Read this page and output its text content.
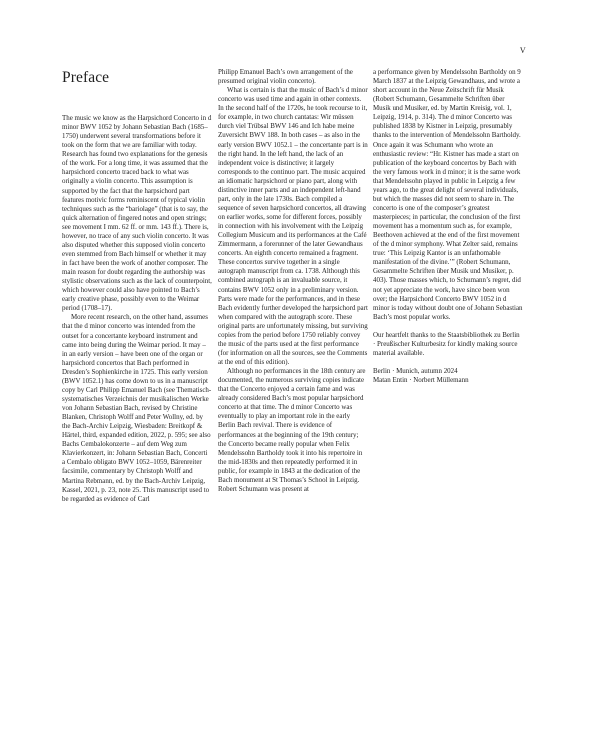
V
Preface

The music we know as the Harpsichord Concerto in d minor BWV 1052 by Johann Sebastian Bach (1685–1750) underwent several transformations before it took on the form that we are familiar with today. Research has found two explanations for the genesis of the work. For a long time, it was assumed that the harpsichord concerto traced back to what was originally a violin concerto. This assumption is supported by the fact that the harpsichord part features motivic forms reminiscent of typical violin techniques such as the “bariolage” (that is to say, the quick alternation of fingered notes and open strings; see movement I mm. 62 ff. or mm. 143 ff.). There is, however, no trace of any such violin concerto. It was also disputed whether this supposed violin concerto even stemmed from Bach himself or whether it may in fact have been the work of another composer. The main reason for doubt regarding the authorship was stylistic observations such as the lack of counterpoint, which however could also have pointed to Bach’s early creative phase, possibly even to the Weimar period (1708–17).

More recent research, on the other hand, assumes that the d minor concerto was intended from the outset for a concertante keyboard instrument and came into being during the Weimar period. It may – in an early version – have been one of the organ or harpsichord concertos that Bach performed in Dresden’s Sophienkirche in 1725. This early version (BWV 1052.1) has come down to us in a manuscript copy by Carl Philipp Emanuel Bach (see Thematisch-systematisches Verzeichnis der musikalischen Werke von Johann Sebastian Bach, revised by Christine Blanken, Christoph Wolff and Peter Wollny, ed. by the Bach-Archiv Leipzig, Wiesbaden: Breitkopf & Härtel, third, expanded edition, 2022, p. 595; see also Bachs Cembalokonzerte – auf dem Weg zum Klavierkonzert, in: Johann Sebastian Bach, Concerti a Cembalo obligato BWV 1052–1059, Bärenreiter facsimile, commentary by Christoph Wolff and Martina Rebmann, ed. by the Bach-Archiv Leipzig, Kassel, 2021, p. 23, note 25. This manuscript used to be regarded as evidence of Carl

Philipp Emanuel Bach’s own arrangement of the presumed original violin concerto).

What is certain is that the music of Bach’s d minor concerto was used time and again in other contexts. In the second half of the 1720s, he took recourse to it, for example, in two church cantatas: Wir müssen durch viel Trübsal BWV 146 and Ich habe meine Zuversicht BWV 188. In both cases – as also in the early version BWV 1052.1 – the concertante part is in the right hand. In the left hand, the lack of an independent voice is distinctive; it largely corresponds to the continuo part. The music acquired an idiomatic harpsichord or piano part, along with distinctive inner parts and an independent left-hand part, only in the late 1730s. Bach compiled a sequence of seven harpsichord concertos, all drawing on earlier works, some for different forces, possibly in connection with his involvement with the Leipzig Collegium Musicum and its performances at the Café Zimmermann, a forerunner of the later Gewandhaus concerts. An eighth concerto remained a fragment. These concertos survive together in a single autograph manuscript from ca. 1738. Although this combined autograph is an invaluable source, it contains BWV 1052 only in a preliminary version. Parts were made for the performances, and in these Bach evidently further developed the harpsichord part when compared with the autograph score. These original parts are unfortunately missing, but surviving copies from the period before 1750 reliably convey the music of the parts used at the first performance (for information on all the sources, see the Comments at the end of this edition).

Although no performances in the 18th century are documented, the numerous surviving copies indicate that the Concerto enjoyed a certain fame and was already considered Bach’s most popular harpsichord concerto at that time. The d minor Concerto was eventually to play an important role in the early Berlin Bach revival. There is evidence of performances at the beginning of the 19th century; the Concerto became really popular when Felix Mendelssohn Bartholdy took it into his repertoire in the mid-1830s and then repeatedly performed it in public, for example in 1843 at the dedication of the Bach monument at St Thomas’s School in Leipzig. Robert Schumann was present at

a performance given by Mendelssohn Bartholdy on 9 March 1837 at the Leipzig Gewandhaus, and wrote a short account in the Neue Zeitschrift für Musik (Robert Schumann, Gesammelte Schriften über Musik und Musiker, ed. by Martin Kreisig, vol. 1, Leipzig, 1914, p. 314). The d minor Concerto was published 1838 by Kistner in Leipzig, presumably thanks to the intervention of Mendelssohn Bartholdy. Once again it was Schumann who wrote an enthusiastic review: “Hr. Kistner has made a start on publication of the keyboard concertos by Bach with the very famous work in d minor; it is the same work that Mendelssohn played in public in Leipzig a few years ago, to the great delight of several individuals, but which the masses did not seem to share in. The concerto is one of the composer’s greatest masterpieces; in particular, the conclusion of the first movement has a momentum such as, for example, Beethoven achieved at the end of the first movement of the d minor symphony. What Zelter said, remains true: ‘This Leipzig Kantor is an unfathomable manifestation of the divine.’” (Robert Schumann, Gesammelte Schriften über Musik und Musiker, p. 403). Those masses which, to Schumann’s regret, did not yet appreciate the work, have since been won over; the Harpsichord Concerto BWV 1052 in d minor is today without doubt one of Johann Sebastian Bach’s most popular works.

Our heartfelt thanks to the Staatsbibliothek zu Berlin · Preußischer Kulturbesitz for kindly making source material available.

Berlin · Munich, autumn 2024
Matan Entin · Norbert Müllemann
